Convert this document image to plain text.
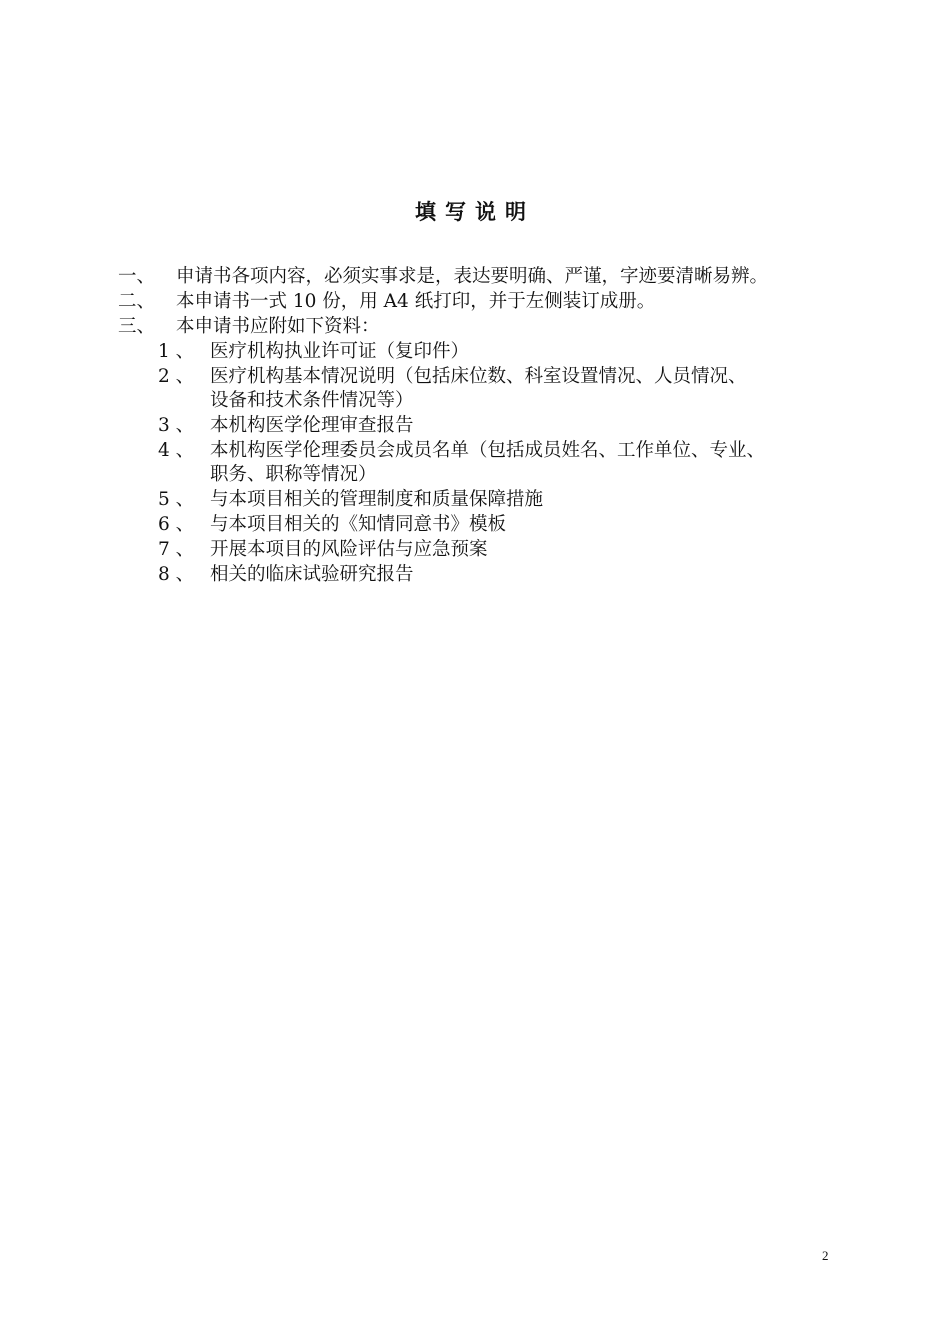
填写说明
一、 申请书各项内容，必须实事求是，表达要明确、严谨，字迹要清晰易辨。
二、 本申请书一式 10 份，用 A4 纸打印，并于左侧装订成册。
三、 本申请书应附如下资料：
1 、 医疗机构执业许可证（复印件）
2 、 医疗机构基本情况说明（包括床位数、科室设置情况、人员情况、
设备和技术条件情况等）
3 、 本机构医学伦理审查报告
4 、 本机构医学伦理委员会成员名单（包括成员姓名、工作单位、专业、
职务、职称等情况）
5 、 与本项目相关的管理制度和质量保障措施
6 、 与本项目相关的《知情同意书》模板
7 、 开展本项目的风险评估与应急预案
8 、 相关的临床试验研究报告
2
